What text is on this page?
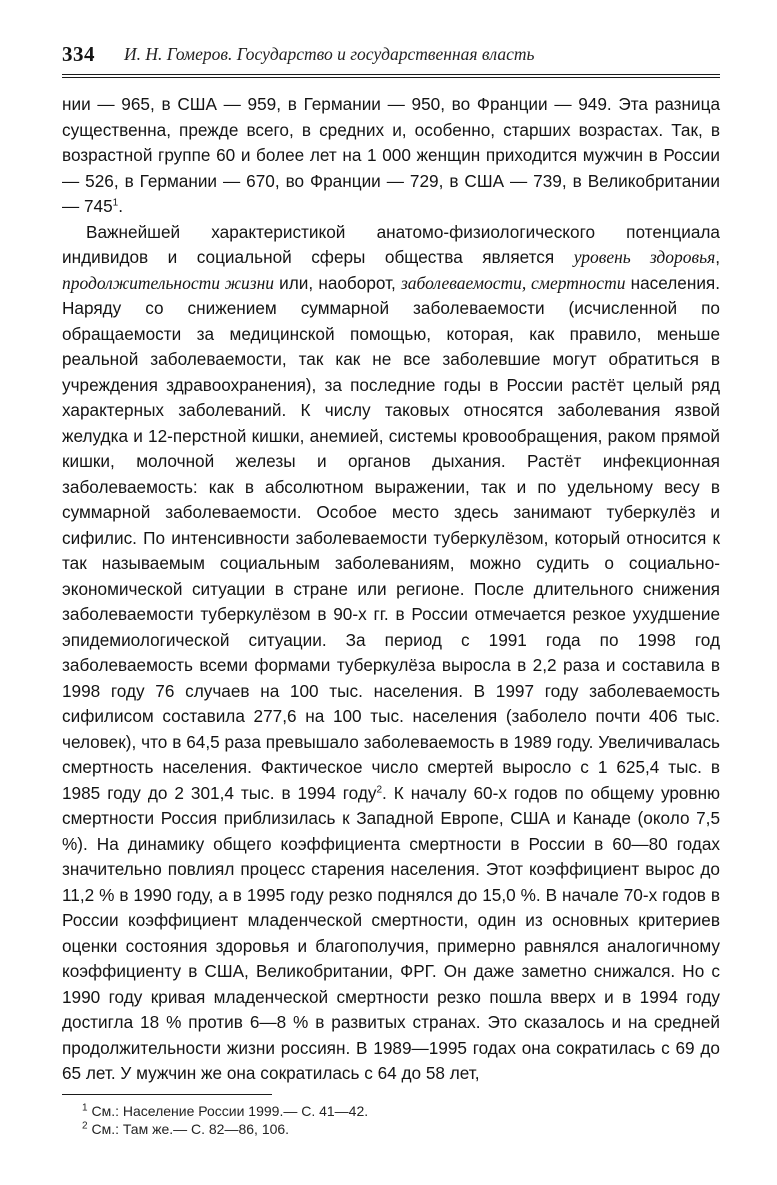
334 И. Н. Гомеров. Государство и государственная власть

нии — 965, в США — 959, в Германии — 950, во Франции — 949. Эта разница существенна, прежде всего, в средних и, особенно, старших возрастах. Так, в возрастной группе 60 и более лет на 1 000 женщин приходится мужчин в России — 526, в Германии — 670, во Франции — 729, в США — 739, в Великобритании — $745^1$.

Важнейшей характеристикой анатомо-физиологического потенциала индивидов и социальной сферы общества является уровень здоровья, продолжительности жизни или, наоборот, заболеваемости, смертности населения. Наряду со снижением суммарной заболеваемости (исчисленной по обращаемости за медицинской помощью, которая, как правило, меньше реальной заболеваемости, так как не все заболевшие могут обратиться в учреждения здравоохранения), за последние годы в России растёт целый ряд характерных заболеваний. К числу таковых относятся заболевания язвой желудка и 12-перстной кишки, анемией, системы кровообращения, раком прямой кишки, молочной железы и органов дыхания. Растёт инфекционная заболеваемость: как в абсолютном выражении, так и по удельному весу в суммарной заболеваемости. Особое место здесь занимают туберкулёз и сифилис. По интенсивности заболеваемости туберкулёзом, который относится к так называемым социальным заболеваниям, можно судить о социально-экономической ситуации в стране или регионе. После длительного снижения заболеваемости туберкулёзом в 90-х гг. в России отмечается резкое ухудшение эпидемиологической ситуации. За период с 1991 года по 1998 год заболеваемость всеми формами туберкулёза выросла в 2,2 раза и составила в 1998 году 76 случаев на 100 тыс. населения. В 1997 году заболеваемость сифилисом составила 277,6 на 100 тыс. населения (заболело почти 406 тыс. человек), что в 64,5 раза превышало заболеваемость в 1989 году. Увеличивалась смертность населения. Фактическое число смертей выросло с 1 625,4 тыс. в 1985 году до 2 301,4 тыс. в 1994 году$^2$. К началу 60-х годов по общему уровню смертности Россия приблизилась к Западной Европе, США и Канаде (около 7,5 %). На динамику общего коэффициента смертности в России в 60—80 годах значительно повлиял процесс старения населения. Этот коэффициент вырос до 11,2 % в 1990 году, а в 1995 году резко поднялся до 15,0 %. В начале 70-х годов в России коэффициент младенческой смертности, один из основных критериев оценки состояния здоровья и благополучия, примерно равнялся аналогичному коэффициенту в США, Великобритании, ФРГ. Он даже заметно снижался. Но с 1990 году кривая младенческой смертности резко пошла вверх и в 1994 году достигла 18 % против 6—8 % в развитых странах. Это сказалось и на средней продолжительности жизни россиян. В 1989—1995 годах она сократилась с 69 до 65 лет. У мужчин же она сократилась с 64 до 58 лет,

$^1$ См.: Население России 1999.— С. 41—42.
$^2$ См.: Там же.— С. 82—86, 106.
